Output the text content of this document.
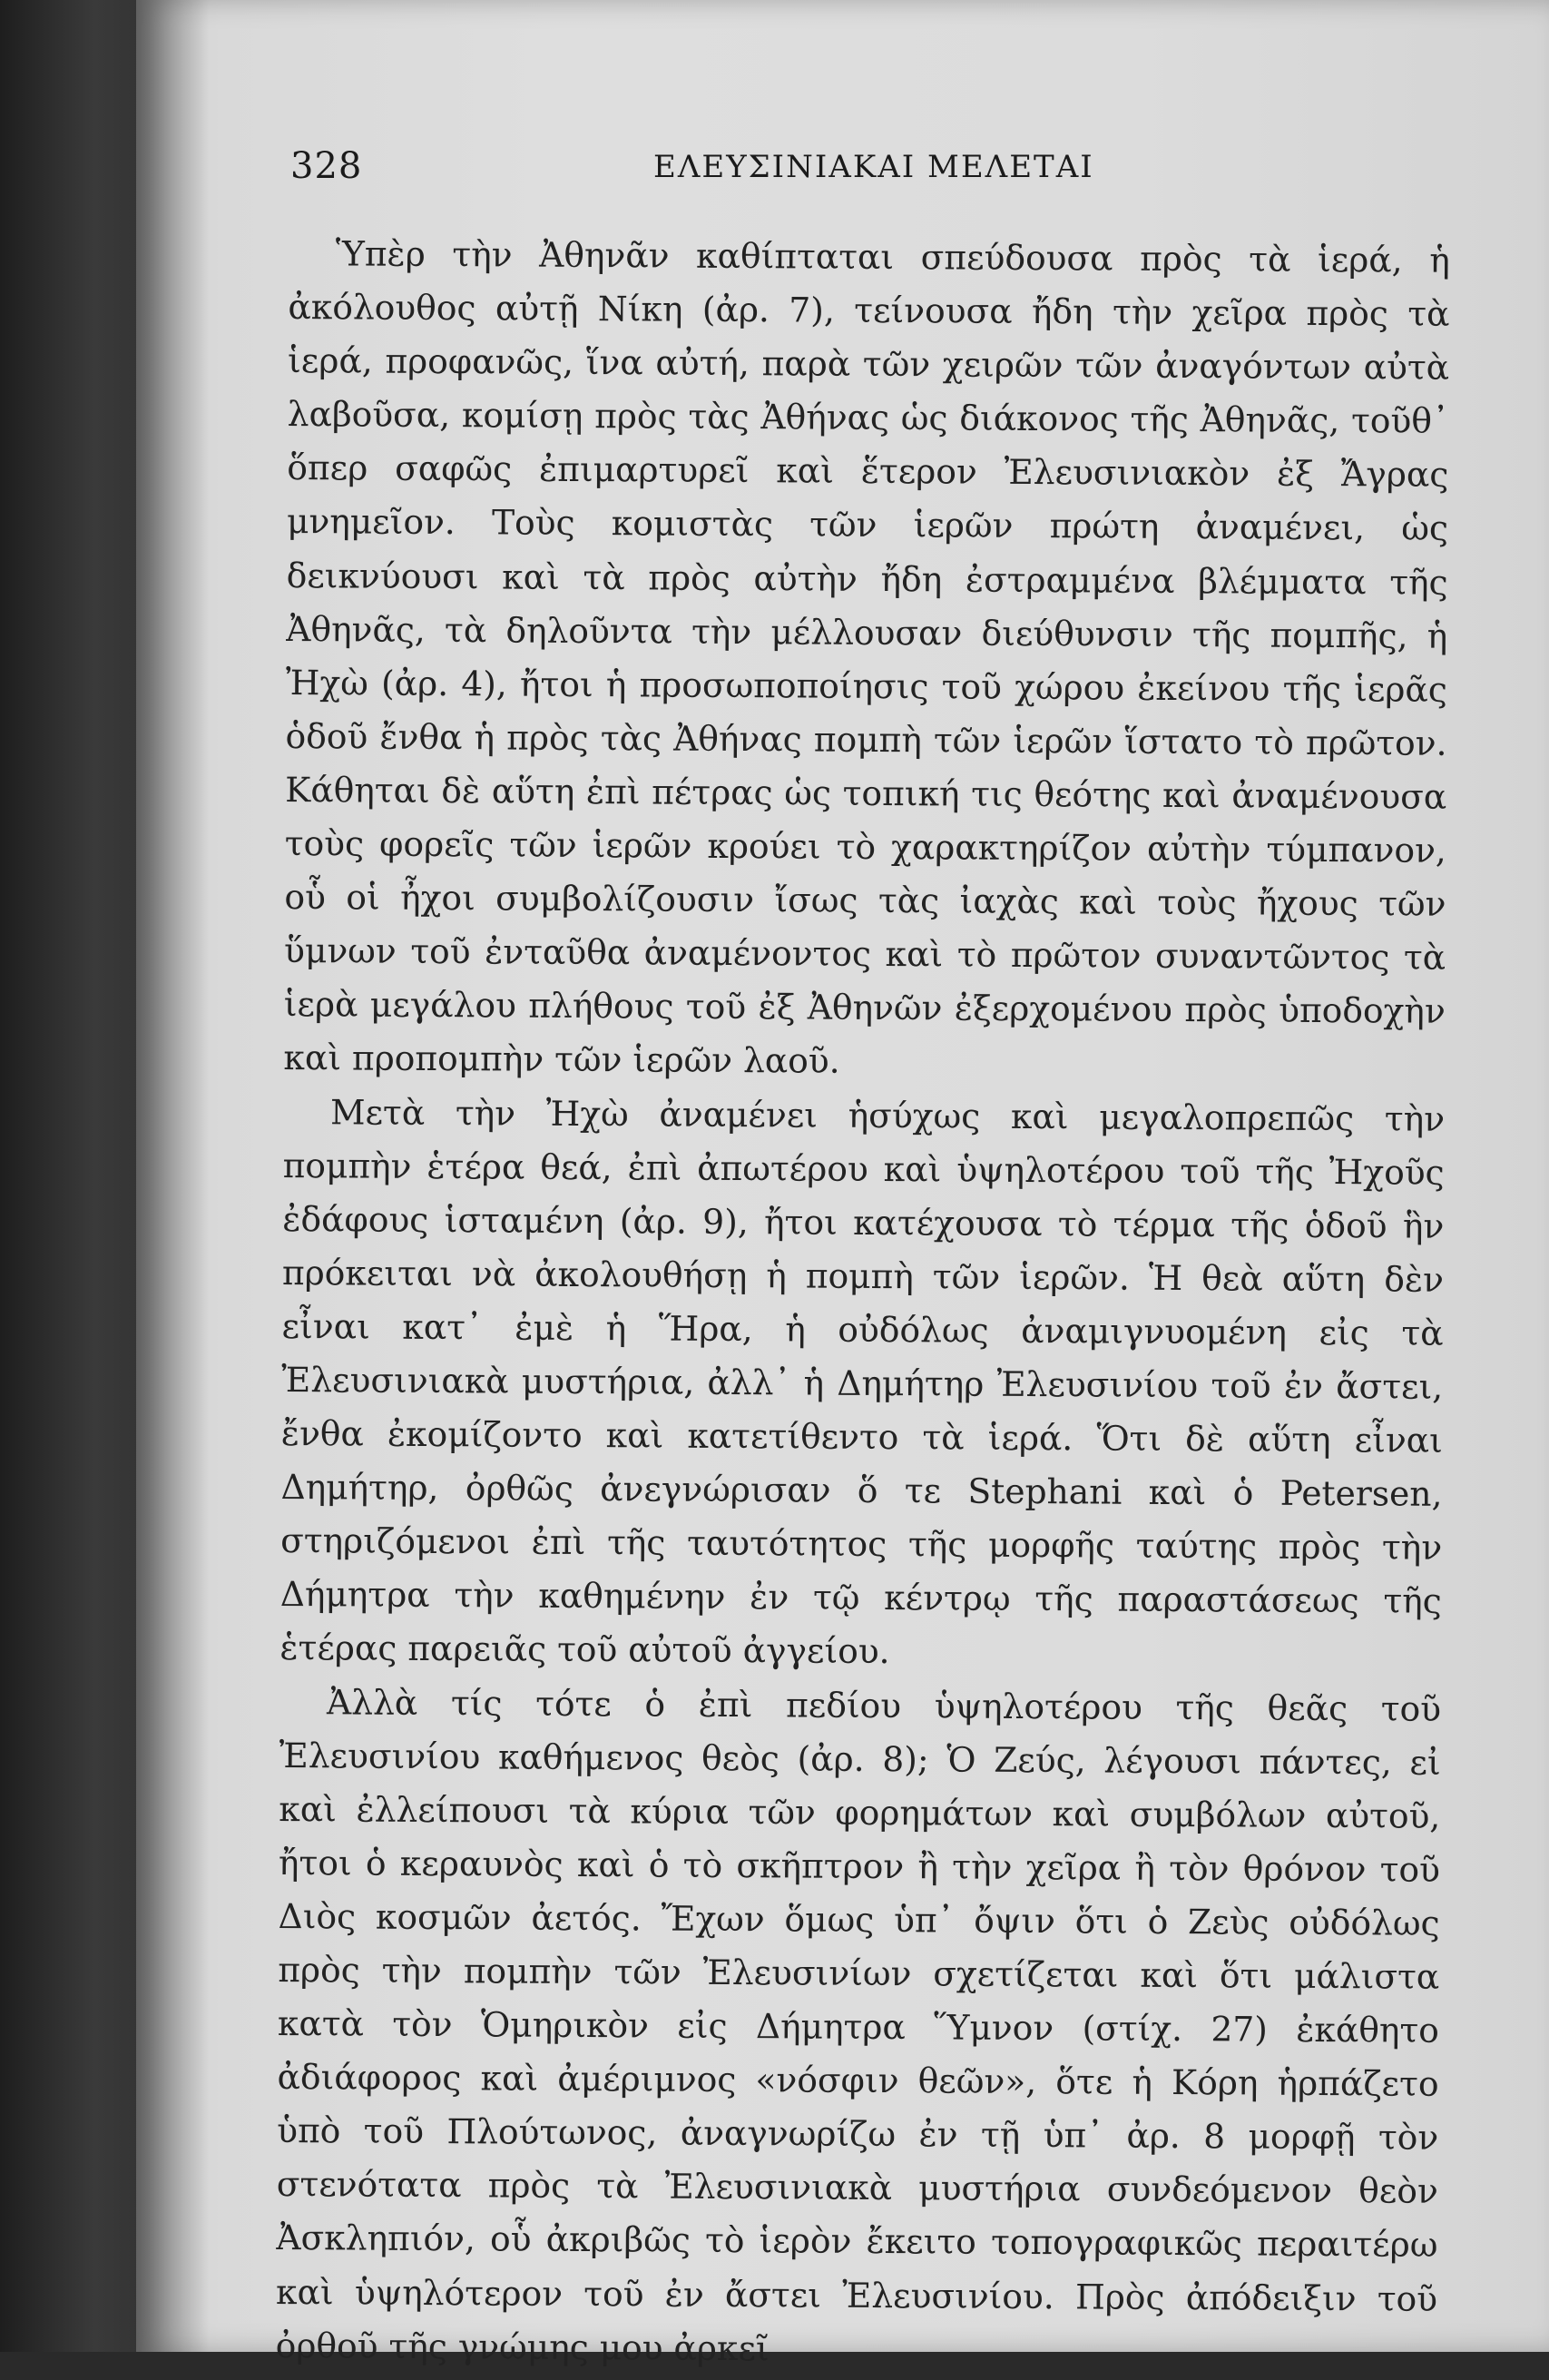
328	ΕΛΕΥΣΙΝΙΑΚΑΙ ΜΕΛΕΤΑΙ

Ὑπὲρ τὴν Ἀθηνᾶν καθίπταται σπεύδουσα πρὸς τὰ ἱερά, ἡ ἀκόλουθος αὐτῇ Νίκη (ἀρ. 7), τείνουσα ἤδη τὴν χεῖρα πρὸς τὰ ἱερά, προφανῶς, ἵνα αὐτή, παρὰ τῶν χειρῶν τῶν ἀναγόντων αὐτὰ λαβοῦσα, κομίσῃ πρὸς τὰς Ἀθήνας ὡς διάκονος τῆς Ἀθηνᾶς, τοῦθ᾽ ὅπερ σαφῶς ἐπιμαρτυρεῖ καὶ ἕτερον Ἐλευσινιακὸν ἐξ Ἄγρας μνημεῖον. Τοὺς κομιστὰς τῶν ἱερῶν πρώτη ἀναμένει, ὡς δεικνύουσι καὶ τὰ πρὸς αὐτὴν ἤδη ἐστραμμένα βλέμματα τῆς Ἀθηνᾶς, τὰ δηλοῦντα τὴν μέλλουσαν διεύθυνσιν τῆς πομπῆς, ἡ Ἠχὼ (ἀρ. 4), ἤτοι ἡ προσωποποίησις τοῦ χώρου ἐκείνου τῆς ἱερᾶς ὁδοῦ ἔνθα ἡ πρὸς τὰς Ἀθήνας πομπὴ τῶν ἱερῶν ἵστατο τὸ πρῶτον. Κάθηται δὲ αὕτη ἐπὶ πέτρας ὡς τοπική τις θεότης καὶ ἀναμένουσα τοὺς φορεῖς τῶν ἱερῶν κρούει τὸ χαρακτηρίζον αὐτὴν τύμπανον, οὗ οἱ ἦχοι συμβολίζουσιν ἴσως τὰς ἰαχὰς καὶ τοὺς ἤχους τῶν ὕμνων τοῦ ἐνταῦθα ἀναμένοντος καὶ τὸ πρῶτον συναντῶντος τὰ ἱερὰ μεγάλου πλήθους τοῦ ἐξ Ἀθηνῶν ἐξερχομένου πρὸς ὑποδοχὴν καὶ προπομπὴν τῶν ἱερῶν λαοῦ.

Μετὰ τὴν Ἠχὼ ἀναμένει ἡσύχως καὶ μεγαλοπρεπῶς τὴν πομπὴν ἑτέρα θεά, ἐπὶ ἀπωτέρου καὶ ὑψηλοτέρου τοῦ τῆς Ἠχοῦς ἐδάφους ἱσταμένη (ἀρ. 9), ἤτοι κατέχουσα τὸ τέρμα τῆς ὁδοῦ ἣν πρόκειται νὰ ἀκολουθήσῃ ἡ πομπὴ τῶν ἱερῶν. Ἡ θεὰ αὕτη δὲν εἶναι κατ᾽ ἐμὲ ἡ Ἥρα, ἡ οὐδόλως ἀναμιγνυομένη εἰς τὰ Ἐλευσινιακὰ μυστήρια, ἀλλ᾽ ἡ Δημήτηρ Ἐλευσινίου τοῦ ἐν ἄστει, ἔνθα ἐκομίζοντο καὶ κατετίθεντο τὰ ἱερά. Ὅτι δὲ αὕτη εἶναι Δημήτηρ, ὀρθῶς ἀνεγνώρισαν ὅ τε Stephani καὶ ὁ Petersen, στηριζόμενοι ἐπὶ τῆς ταυτότητος τῆς μορφῆς ταύτης πρὸς τὴν Δήμητρα τὴν καθημένην ἐν τῷ κέντρῳ τῆς παραστάσεως τῆς ἑτέρας παρειᾶς τοῦ αὐτοῦ ἀγγείου.

Ἀλλὰ τίς τότε ὁ ἐπὶ πεδίου ὑψηλοτέρου τῆς θεᾶς τοῦ Ἐλευσινίου καθήμενος θεὸς (ἀρ. 8); Ὁ Ζεύς, λέγουσι πάντες, εἰ καὶ ἐλλείπουσι τὰ κύρια τῶν φορημάτων καὶ συμβόλων αὐτοῦ, ἤτοι ὁ κεραυνὸς καὶ ὁ τὸ σκῆπτρον ἢ τὴν χεῖρα ἢ τὸν θρόνον τοῦ Διὸς κοσμῶν ἀετός. Ἔχων ὅμως ὑπ᾽ ὄψιν ὅτι ὁ Ζεὺς οὐδόλως πρὸς τὴν πομπὴν τῶν Ἐλευσινίων σχετίζεται καὶ ὅτι μάλιστα κατὰ τὸν Ὁμηρικὸν εἰς Δήμητρα Ὕμνον (στίχ. 27) ἐκάθητο ἀδιάφορος καὶ ἀμέριμνος «νόσφιν θεῶν», ὅτε ἡ Κόρη ἡρπάζετο ὑπὸ τοῦ Πλούτωνος, ἀναγνωρίζω ἐν τῇ ὑπ᾽ ἀρ. 8 μορφῇ τὸν στενότατα πρὸς τὰ Ἐλευσινιακὰ μυστήρια συνδεόμενον θεὸν Ἀσκληπιόν, οὗ ἀκριβῶς τὸ ἱερὸν ἔκειτο τοπογραφικῶς περαιτέρω καὶ ὑψηλότερον τοῦ ἐν ἄστει Ἐλευσινίου. Πρὸς ἀπόδειξιν τοῦ ὀρθοῦ τῆς γνώμης μου ἀρκεῖ
